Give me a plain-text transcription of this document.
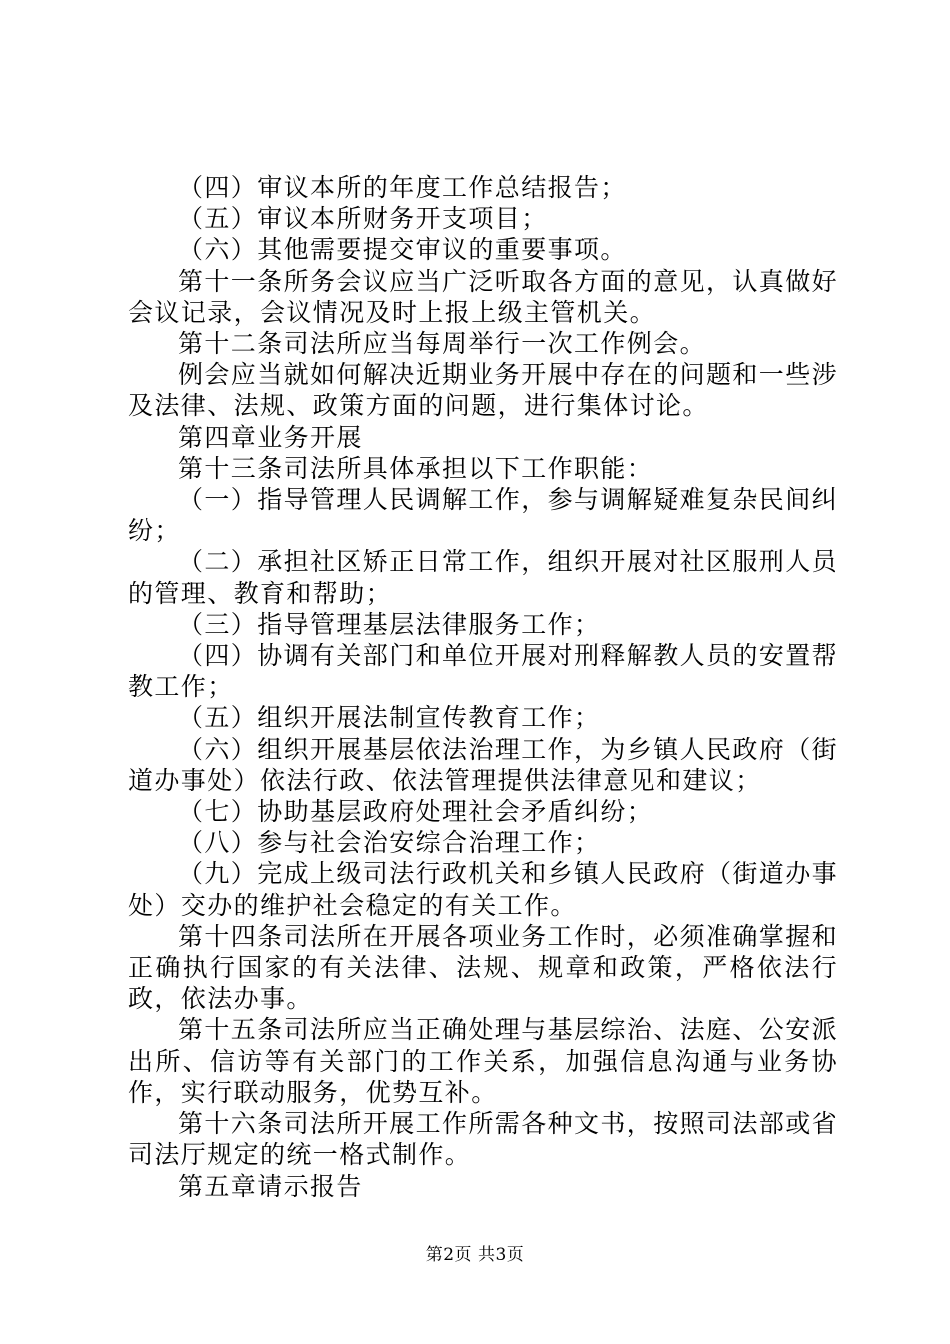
（四）审议本所的年度工作总结报告；

（五）审议本所财务开支项目；

（六）其他需要提交审议的重要事项。

第十一条所务会议应当广泛听取各方面的意见，认真做好会议记录，会议情况及时上报上级主管机关。

第十二条司法所应当每周举行一次工作例会。

例会应当就如何解决近期业务开展中存在的问题和一些涉及法律、法规、政策方面的问题，进行集体讨论。

第四章业务开展

第十三条司法所具体承担以下工作职能：

（一）指导管理人民调解工作，参与调解疑难复杂民间纠纷；

（二）承担社区矫正日常工作，组织开展对社区服刑人员的管理、教育和帮助；

（三）指导管理基层法律服务工作；

（四）协调有关部门和单位开展对刑释解教人员的安置帮教工作；

（五）组织开展法制宣传教育工作；

（六）组织开展基层依法治理工作，为乡镇人民政府（街道办事处）依法行政、依法管理提供法律意见和建议；

（七）协助基层政府处理社会矛盾纠纷；

（八）参与社会治安综合治理工作；

（九）完成上级司法行政机关和乡镇人民政府（街道办事处）交办的维护社会稳定的有关工作。

第十四条司法所在开展各项业务工作时，必须准确掌握和正确执行国家的有关法律、法规、规章和政策，严格依法行政，依法办事。

第十五条司法所应当正确处理与基层综治、法庭、公安派出所、信访等有关部门的工作关系，加强信息沟通与业务协作，实行联动服务，优势互补。

第十六条司法所开展工作所需各种文书，按照司法部或省司法厅规定的统一格式制作。

第五章请示报告

第2页 共3页
